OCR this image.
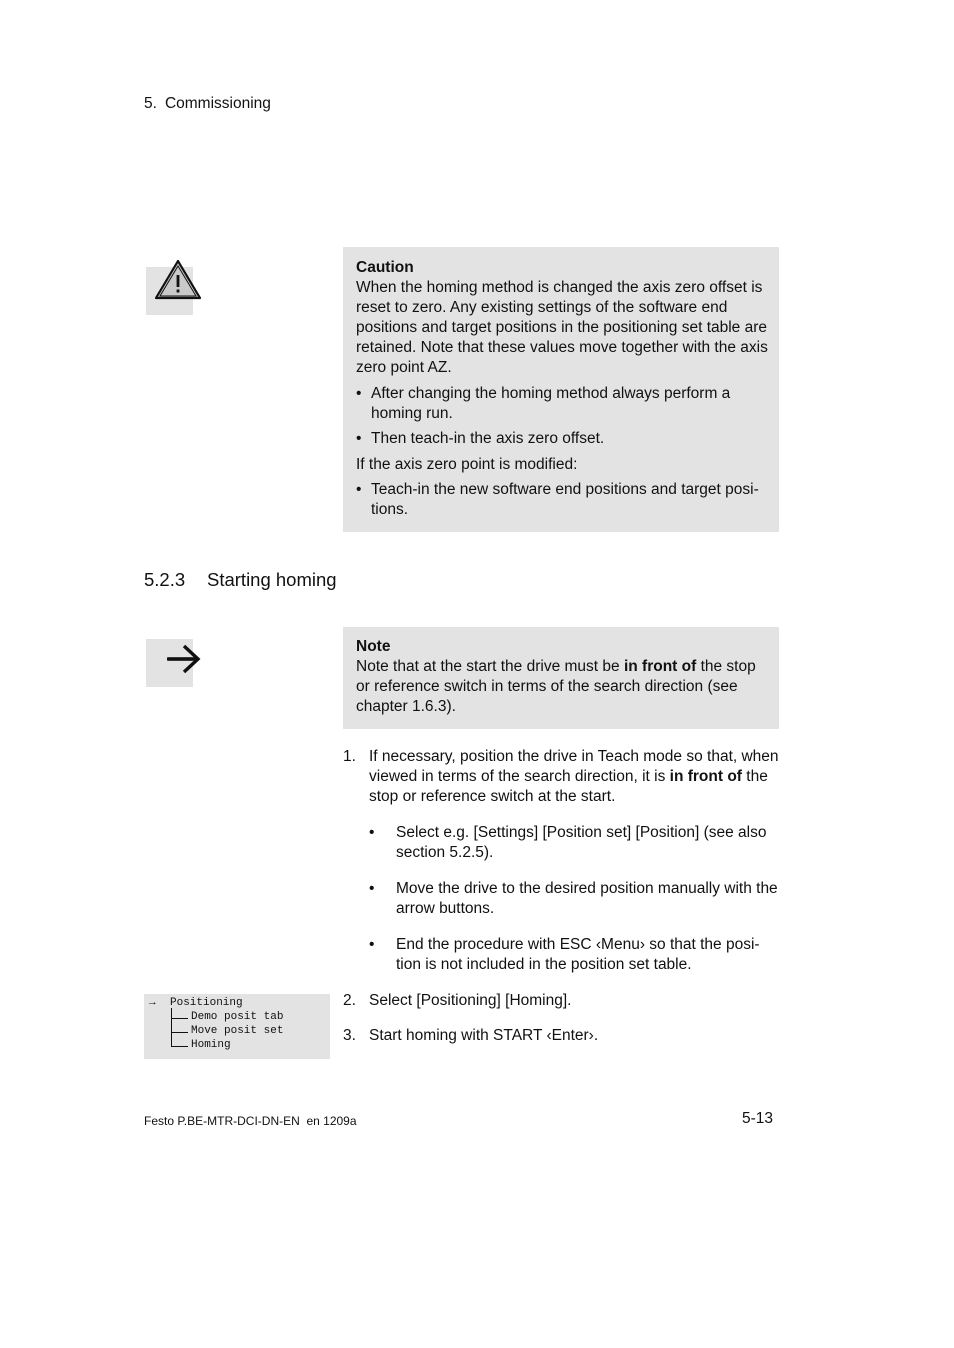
5. Commissioning
Caution

When the homing method is changed the axis zero offset is reset to zero. Any existing settings of the software end positions and target positions in the positioning set table are retained. Note that these values move together with the axis zero point AZ.

• After changing the homing method always perform a homing run.
• Then teach-in the axis zero offset.

If the axis zero point is modified:

• Teach-in the new software end positions and target posi-tions.
5.2.3 Starting homing
Note

Note that at the start the drive must be in front of the stop or reference switch in terms of the search direction (see chapter 1.6.3).

1. If necessary, position the drive in Teach mode so that, when viewed in terms of the search direction, it is in front of the stop or reference switch at the start.
•	Select e.g. [Settings] [Position set] [Position] (see also section 5.2.5).
•	Move the drive to the desired position manually with the arrow buttons.
•	End the procedure with ESC ‹Menu› so that the posi-tion is not included in the position set table.
2. Select [Positioning] [Homing].
3. Start homing with START ‹Enter›.
→ Positioning
Demo posit tab
Move posit set
Homing
Festo P.BE-MTR-DCI-DN-EN  en 1209a	5-13
